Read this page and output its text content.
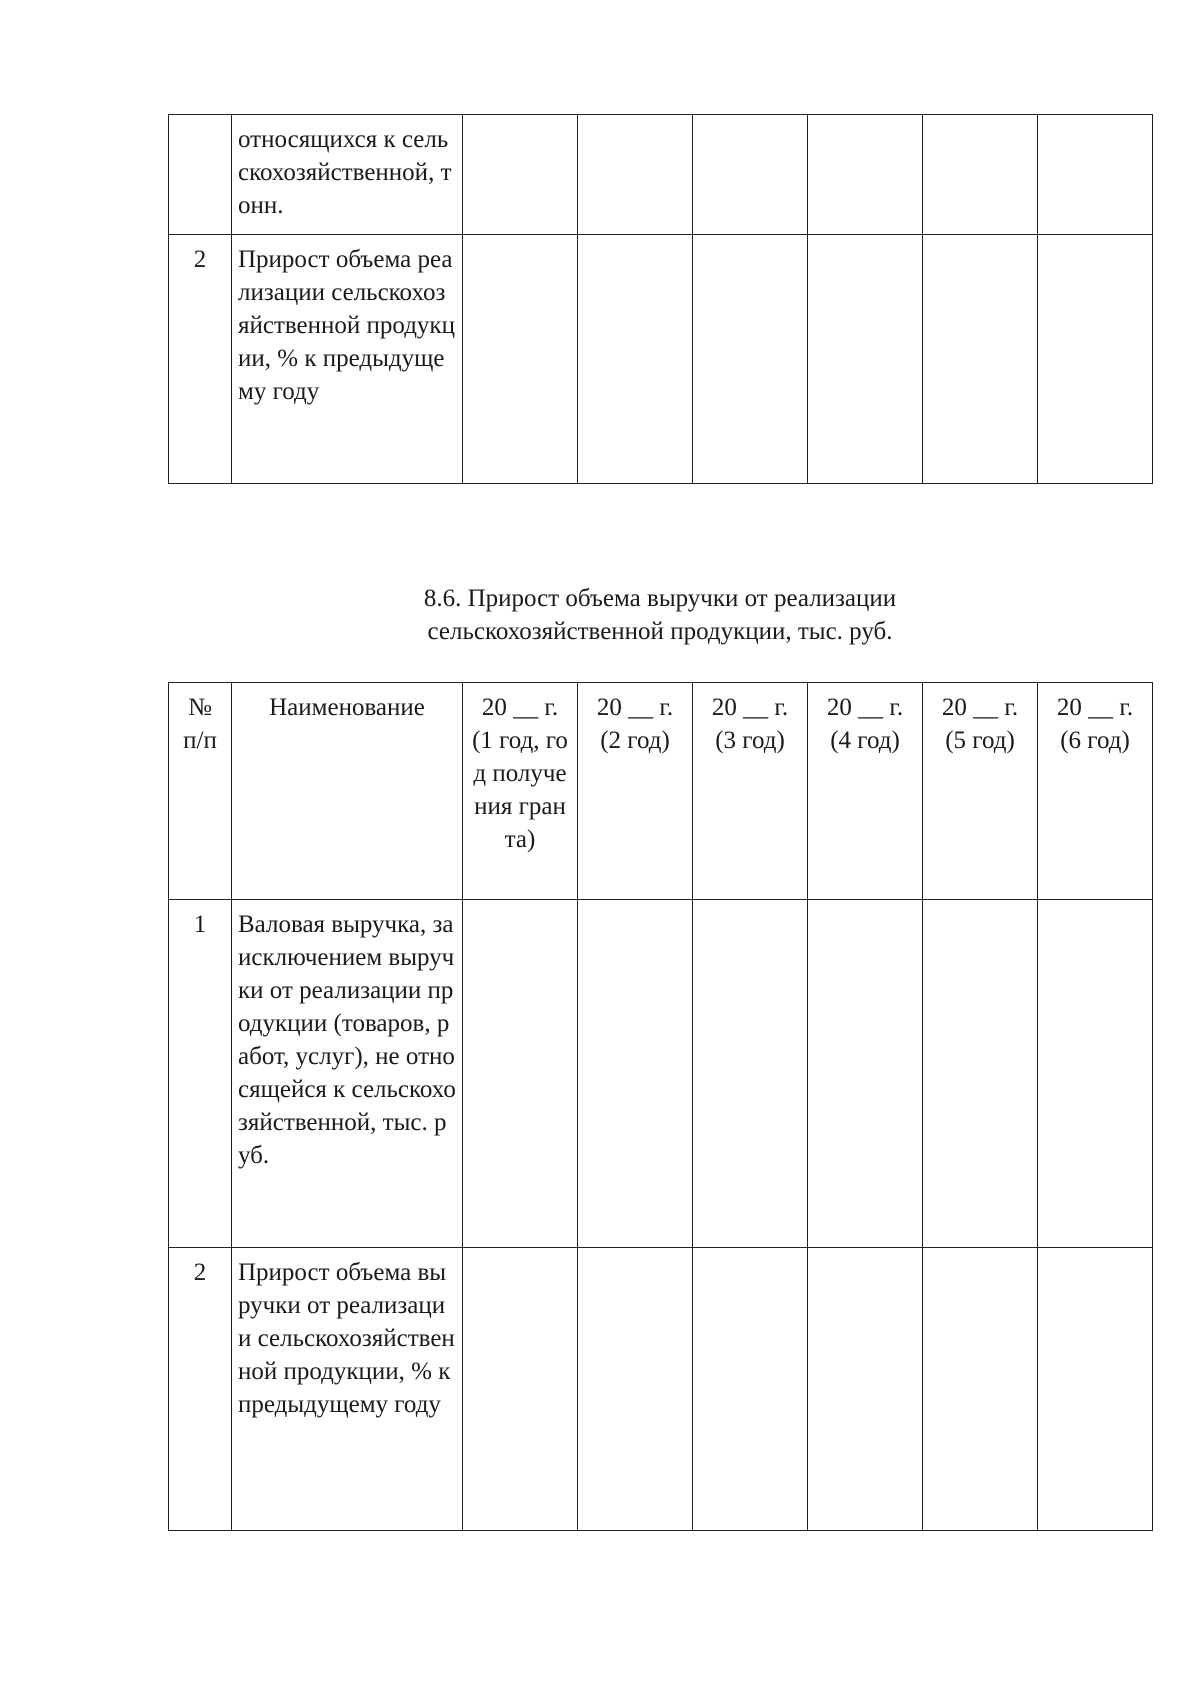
	относящихся к сельскохозяйственной, тонн.						
2	Прирост объема реализации сельскохозяйственной продукции, % к предыдущему году						
8.6. Прирост объема выручки от реализации
сельскохозяйственной продукции, тыс. руб.
№ п/п	Наименование	20 __ г. (1 год, год получения гранта)	20 __ г. (2 год)	20 __ г. (3 год)	20 __ г. (4 год)	20 __ г. (5 год)	20 __ г. (6 год)
1	Валовая выручка, за исключением выручки от реализации продукции (товаров, работ, услуг), не относящейся к сельскохозяйственной, тыс. руб.						
2	Прирост объема выручки от реализации сельскохозяйственной продукции, % к предыдущему году						
